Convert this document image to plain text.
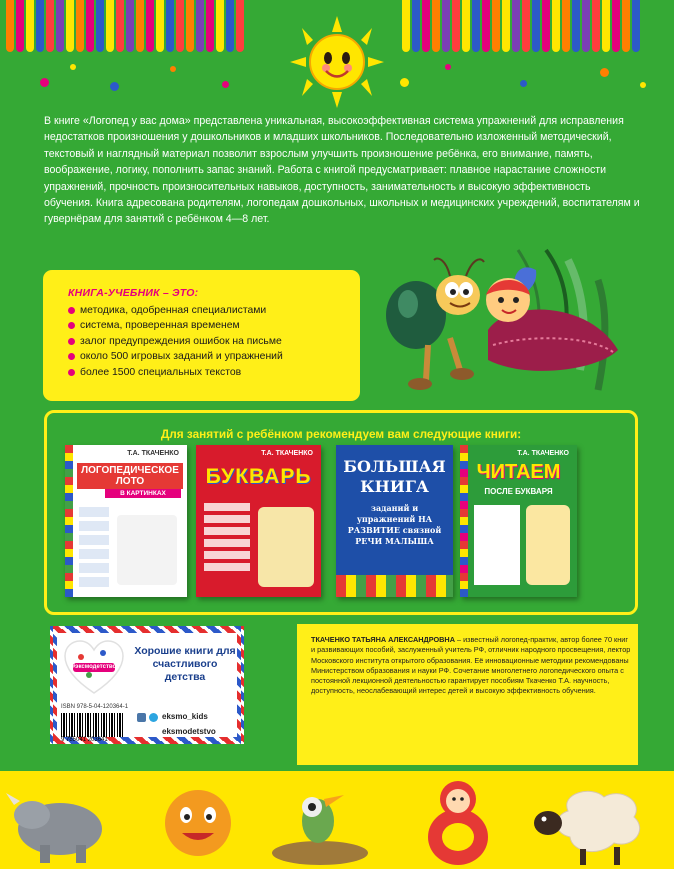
В книге «Логопед у вас дома» представлена уникальная, высокоэффективная система упражнений для исправления недостатков произношения у дошкольников и младших школьников. Последовательно изложенный методический, текстовый и наглядный материал позволит взрослым улучшить произношение ребёнка, его внимание, память, воображение, логику, пополнить запас знаний. Работа с книгой предусматривает: плавное нарастание сложности упражнений, прочность произносительных навыков, доступность, занимательность и высокую эффективность обучения. Книга адресована родителям, логопедам дошкольных, школьных и медицинских учреждений, воспитателям и гувернёрам для занятий с ребёнком 4—8 лет.
КНИГА-УЧЕБНИК – ЭТО:
методика, одобренная специалистами
система, проверенная временем
залог предупреждения ошибок на письме
около 500 игровых заданий и упражнений
более 1500 специальных текстов
Для занятий с ребёнком рекомендуем вам следующие книги:
Т.А. ТКАЧЕНКО
ЛОГОПЕДИЧЕСКОЕ ЛОТО
В КАРТИНКАХ
Т.А. ТКАЧЕНКО
БУКВАРЬ	БОЛЬШАЯ КНИГА
заданий и упражнений НА РАЗВИТИЕ связной РЕЧИ МАЛЫША
Т.А. ТКАЧЕНКО
ЧИТАЕМ
ПОСЛЕ БУКВАРЯ
#эксмодетство
Хорошие книги для счастливого детства
ISBN 978-5-04-120364-1
9 785041 203641
eksmo_kids
eksmodetstvo

ТКАЧЕНКО ТАТЬЯНА АЛЕКСАНДРОВНА – известный логопед-практик, автор более 70 книг и развивающих пособий, заслуженный учитель РФ, отличник народного просвещения, лектор Московского института открытого образования. Её инновационные методики рекомендованы Министерством образования и науки РФ. Сочетание многолетнего логопедического опыта с постоянной лекционной деятельностью гарантирует пособиям Ткаченко Т.А. научность, доступность, неослабевающий интерес детей и высокую эффективность обучения.
